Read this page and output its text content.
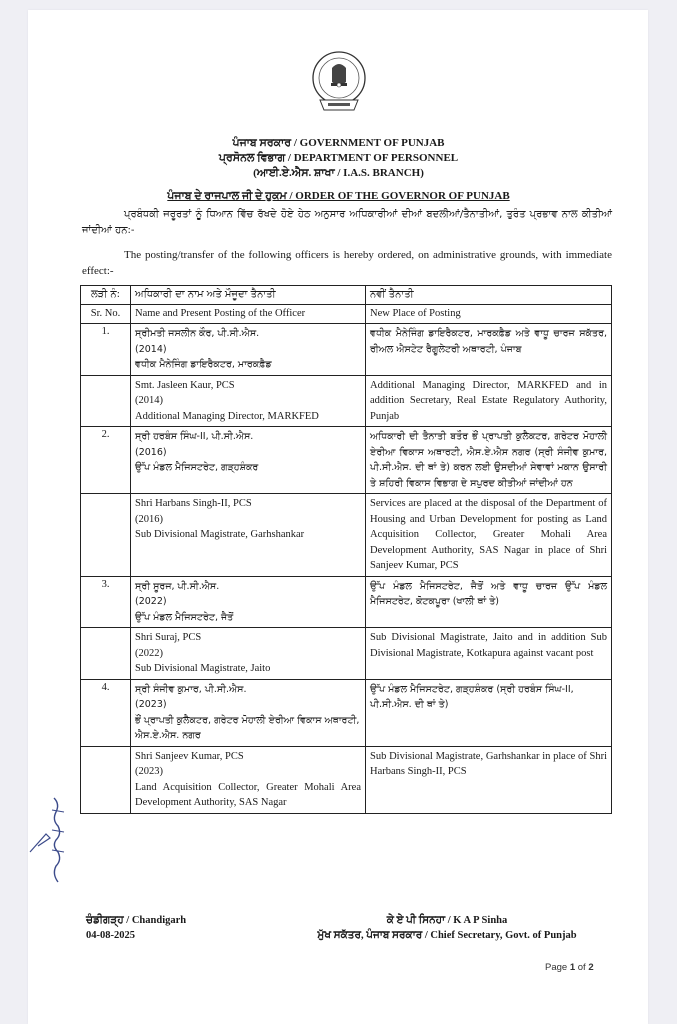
ਪੰਜਾਬ ਸਰਕਾਰ / GOVERNMENT OF PUNJAB
ਪ੍ਰਸੋਨਲ ਵਿਭਾਗ / DEPARTMENT OF PERSONNEL
(ਆਈ.ਏ.ਐਸ. ਸ਼ਾਖਾ / I.A.S. BRANCH)
ਪੰਜਾਬ ਦੇ ਰਾਜਪਾਲ ਜੀ ਦੇ ਹੁਕਮ / ORDER OF THE GOVERNOR OF PUNJAB
ਪ੍ਰਬੰਧਕੀ ਜਰੂਰਤਾਂ ਨੂੰ ਧਿਆਨ ਵਿੱਚ ਰੱਖਦੇ ਹੋਏ ਹੇਠ ਅਨੁਸਾਰ ਅਧਿਕਾਰੀਆਂ ਦੀਆਂ ਬਦਲੀਆਂ/ਤੈਨਾਤੀਆਂ, ਤੁਰੰਤ ਪ੍ਰਭਾਵ ਨਾਲ ਕੀਤੀਆਂ ਜਾਂਦੀਆਂ ਹਨ:-
The posting/transfer of the following officers is hereby ordered, on administrative grounds, with immediate effect:-
ਲੜੀ ਨੰ:	ਅਧਿਕਾਰੀ ਦਾ ਨਾਮ ਅਤੇ ਮੌਜੂਦਾ ਤੈਨਾਤੀ	ਨਵੀਂ ਤੈਨਾਤੀ
Sr. No.	Name and Present Posting of the Officer	New Place of Posting
1.	ਸ੍ਰੀਮਤੀ ਜਸਲੀਨ ਕੌਰ, ਪੀ.ਸੀ.ਐਸ.
(2014)
ਵਧੀਕ ਮੈਨੇਜਿੰਗ ਡਾਇਰੈਕਟਰ, ਮਾਰਕਫ਼ੈਡ	ਵਧੀਕ ਮੈਨੇਜਿੰਗ ਡਾਇਰੈਕਟਰ, ਮਾਰਕਫ਼ੈਡ ਅਤੇ ਵਾਧੂ ਚਾਰਜ ਸਕੱਤਰ, ਰੀਅਲ ਐਸਟੇਟ ਰੈਗੂਲੇਟਰੀ ਅਥਾਰਟੀ, ਪੰਜਾਬ

	Smt. Jasleen Kaur, PCS
(2014)
Additional Managing Director, MARKFED	Additional Managing Director, MARKFED and in addition Secretary, Real Estate Regulatory Authority, Punjab
2.	ਸ੍ਰੀ ਹਰਬੰਸ ਸਿੰਘ-II, ਪੀ.ਸੀ.ਐਸ.
(2016)
ਉੱਪ ਮੰਡਲ ਮੈਜਿਸਟਰੇਟ, ਗੜ੍ਹਸ਼ੰਕਰ
	ਅਧਿਕਾਰੀ ਦੀ ਤੈਨਾਤੀ ਬਤੌਰ ਭੌਂ ਪ੍ਰਾਪਤੀ ਕੁਲੈਕਟਰ, ਗਰੇਟਰ ਮੋਹਾਲੀ ਏਰੀਆ ਵਿਕਾਸ ਅਥਾਰਟੀ, ਐਸ.ਏ.ਐਸ ਨਗਰ (ਸ੍ਰੀ ਸੰਜੀਵ ਕੁਮਾਰ, ਪੀ.ਸੀ.ਐਸ. ਦੀ ਥਾਂ ਤੇ) ਕਰਨ ਲਈ ਉਸਦੀਆਂ ਸੇਵਾਵਾਂ ਮਕਾਨ ਉਸਾਰੀ ਤੇ ਸ਼ਹਿਰੀ ਵਿਕਾਸ ਵਿਭਾਗ ਦੇ ਸਪੁਰਦ ਕੀਤੀਆਂ ਜਾਂਦੀਆਂ ਹਨ

Shri Harbans Singh-II, PCS
(2016)
Sub Divisional Magistrate, Garhshankar
	Services are placed at the disposal of the Department of Housing and Urban Development for posting as Land Acquisition Collector, Greater Mohali Area Development Authority, SAS Nagar in place of Shri Sanjeev Kumar, PCS
3.	ਸ੍ਰੀ ਸੂਰਜ, ਪੀ.ਸੀ.ਐਸ.
(2022)
ਉੱਪ ਮੰਡਲ ਮੈਜਿਸਟਰੇਟ, ਜੈਤੋਂ	ਉੱਪ ਮੰਡਲ ਮੈਜਿਸਟਰੇਟ, ਜੈਤੋਂ ਅਤੇ ਵਾਧੂ ਚਾਰਜ ਉੱਪ ਮੰਡਲ ਮੈਜਿਸਟਰੇਟ, ਕੋਟਕਪੂਰਾ (ਖਾਲੀ ਥਾਂ ਤੇ)

	Shri Suraj, PCS
(2022)
Sub Divisional Magistrate, Jaito	Sub Divisional Magistrate, Jaito and in addition Sub Divisional Magistrate, Kotkapura against vacant post
4.	ਸ੍ਰੀ ਸੰਜੀਵ ਕੁਮਾਰ, ਪੀ.ਸੀ.ਐਸ.
(2023)
ਭੌਂ ਪ੍ਰਾਪਤੀ ਕੁਲੈਕਟਰ, ਗਰੇਟਰ ਮੋਹਾਲੀ ਏਰੀਆ ਵਿਕਾਸ ਅਥਾਰਟੀ, ਐਸ.ਏ.ਐਸ. ਨਗਰ	ਉੱਪ ਮੰਡਲ ਮੈਜਿਸਟਰੇਟ, ਗੜ੍ਹਸ਼ੰਕਰ (ਸ੍ਰੀ ਹਰਬੰਸ ਸਿੰਘ-II, ਪੀ.ਸੀ.ਐਸ. ਦੀ ਥਾਂ ਤੇ)

	Shri Sanjeev Kumar, PCS
(2023)
Land Acquisition Collector, Greater Mohali Area Development Authority, SAS Nagar	Sub Divisional Magistrate, Garhshankar in place of Shri Harbans Singh-II, PCS
ਚੰਡੀਗੜ੍ਹ / Chandigarh
04-08-2025
ਕੇ ਏ ਪੀ ਸਿਨਹਾ / K A P Sinha
ਮੁੱਖ ਸਕੱਤਰ, ਪੰਜਾਬ ਸਰਕਾਰ / Chief Secretary, Govt. of Punjab
Page 1 of 2
